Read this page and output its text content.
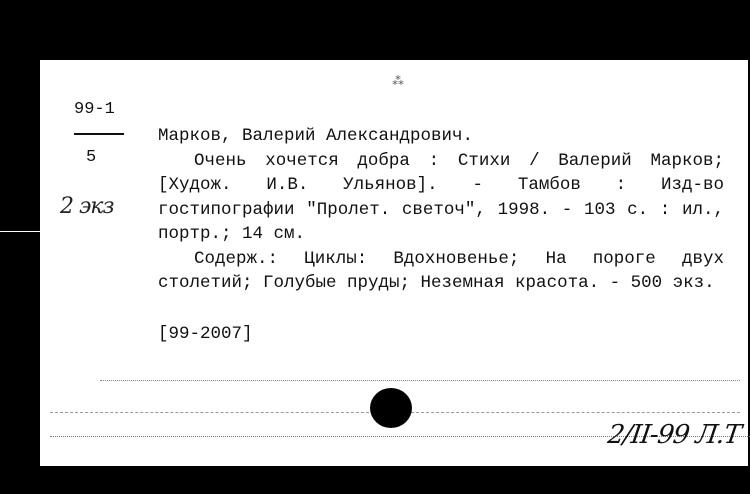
⁂
99-1
5
2 экз

Марков, Валерий Александрович.

Очень хочется добра : Стихи / Валерий Марков; [Худож. И.В. Ульянов]. - Тамбов : Изд-во гостипографии "Пролет. светоч", 1998. - 103 с. : ил., портр.; 14 см.

Содерж.: Циклы: Вдохновенье; На пороге двух столетий; Голубые пруды; Неземная красота. - 500 экз.

[99-2007]

2/II-99 Л.Т
